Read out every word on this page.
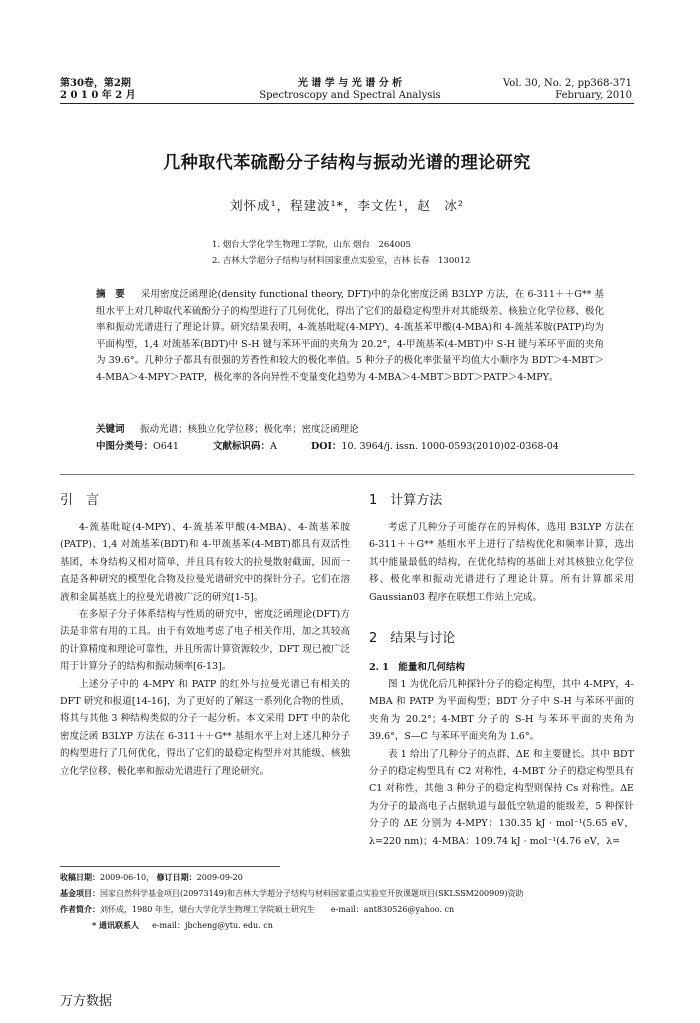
第30卷，第2期
2 0 1 0 年 2 月
光 谱 学 与 光 谱 分 析
Spectroscopy and Spectral Analysis
Vol. 30, No. 2, pp368-371
February, 2010
几种取代苯硫酚分子结构与振动光谱的理论研究
刘怀成¹，程建波¹*，李文佐¹，赵　冰²
1. 烟台大学化学生物理工学院，山东 烟台　264005
2. 吉林大学超分子结构与材料国家重点实验室，吉林 长春　130012
摘　要 　 采用密度泛函理论(density functional theory, DFT)中的杂化密度泛函 B3LYP 方法，在 6-311＋＋G** 基组水平上对几种取代苯硫酚分子的构型进行了几何优化，得出了它们的最稳定构型并对其能级差、核独立化学位移、极化率和振动光谱进行了理论计算。研究结果表明，4-巯基吡啶(4-MPY)、4-巯基苯甲酸(4-MBA)和 4-巯基苯胺(PATP)均为平面构型，1,4 对巯基苯(BDT)中 S-H 键与苯环平面的夹角为 20.2°，4-甲巯基苯(4-MBT)中 S-H 键与苯环平面的夹角为 39.6°。几种分子都具有很强的芳香性和较大的极化率值。5 种分子的极化率张量平均值大小顺序为 BDT＞4-MBT＞4-MBA＞4-MPY＞PATP，极化率的各向异性不变量变化趋势为 4-MBA＞4-MBT＞BDT＞PATP＞4-MPY。
关键词 　 振动光谱；核独立化学位移；极化率；密度泛函理论
中图分类号：O641	文献标识码：A	DOI：10. 3964/j. issn. 1000-0593(2010)02-0368-04
引　言

4-巯基吡啶(4-MPY)、4-巯基苯甲酸(4-MBA)、4-巯基苯胺(PATP)、1,4 对巯基苯(BDT)和 4-甲巯基苯(4-MBT)都具有双活性基团，本身结构又相对简单，并且具有较大的拉曼散射截面，因而一直是各种研究的模型化合物及拉曼光谱研究中的探针分子。它们在溶液和金属基底上的拉曼光谱被广泛的研究[1-5]。

在多原子分子体系结构与性质的研究中，密度泛函理论(DFT)方法是非常有用的工具。由于有效地考虑了电子相关作用，加之其较高的计算精度和理论可靠性，并且所需计算资源较少，DFT 现已被广泛用于计算分子的结构和振动频率[6-13]。

上述分子中的 4-MPY 和 PATP 的红外与拉曼光谱已有相关的 DFT 研究和报道[14-16]，为了更好的了解这一系列化合物的性质，将其与其他 3 种结构类似的分子一起分析。本文采用 DFT 中的杂化密度泛函 B3LYP 方法在 6-311＋＋G** 基组水平上对上述几种分子的构型进行了几何优化，得出了它们的最稳定构型并对其能级、核独立化学位移、极化率和振动光谱进行了理论研究。

1　计算方法

考虑了几种分子可能存在的异构体，选用 B3LYP 方法在 6-311＋＋G** 基组水平上进行了结构优化和频率计算，选出其中能量最低的结构，在优化结构的基础上对其核独立化学位移、极化率和振动光谱进行了理论计算。所有计算都采用 Gaussian03 程序在联想工作站上完成。

2　结果与讨论
2. 1　能量和几何结构

图 1 为优化后几种探针分子的稳定构型，其中 4-MPY，4-MBA 和 PATP 为平面构型；BDT 分子中 S-H 与苯环平面的夹角为 20.2°；4-MBT 分子的 S-H 与苯环平面的夹角为 39.6°，S—C 与苯环平面夹角为 1.6°。

表 1 给出了几种分子的点群、ΔE 和主要键长。其中 BDT 分子的稳定构型具有 C2 对称性，4-MBT 分子的稳定构型具有 C1 对称性，其他 3 种分子的稳定构型则保持 Cs 对称性。ΔE 为分子的最高电子占据轨道与最低空轨道的能级差，5 种探针分子的 ΔE 分别为 4-MPY：130.35 kJ · mol⁻¹(5.65 eV，λ=220 nm)；4-MBA：109.74 kJ · mol⁻¹(4.76 eV，λ=

收稿日期：2009-06-10， 修订日期：2009-09-20
基金项目：国家自然科学基金项目(20973149)和吉林大学超分子结构与材料国家重点实验室开放课题项目(SKLSSM200909)资助
作者简介：刘怀成，1980 年生，烟台大学化学生物理工学院硕士研究生　　e-mail：ant830526@yahoo. cn
* 通讯联系人 　 e-mail：jbcheng@ytu. edu. cn
万方数据
